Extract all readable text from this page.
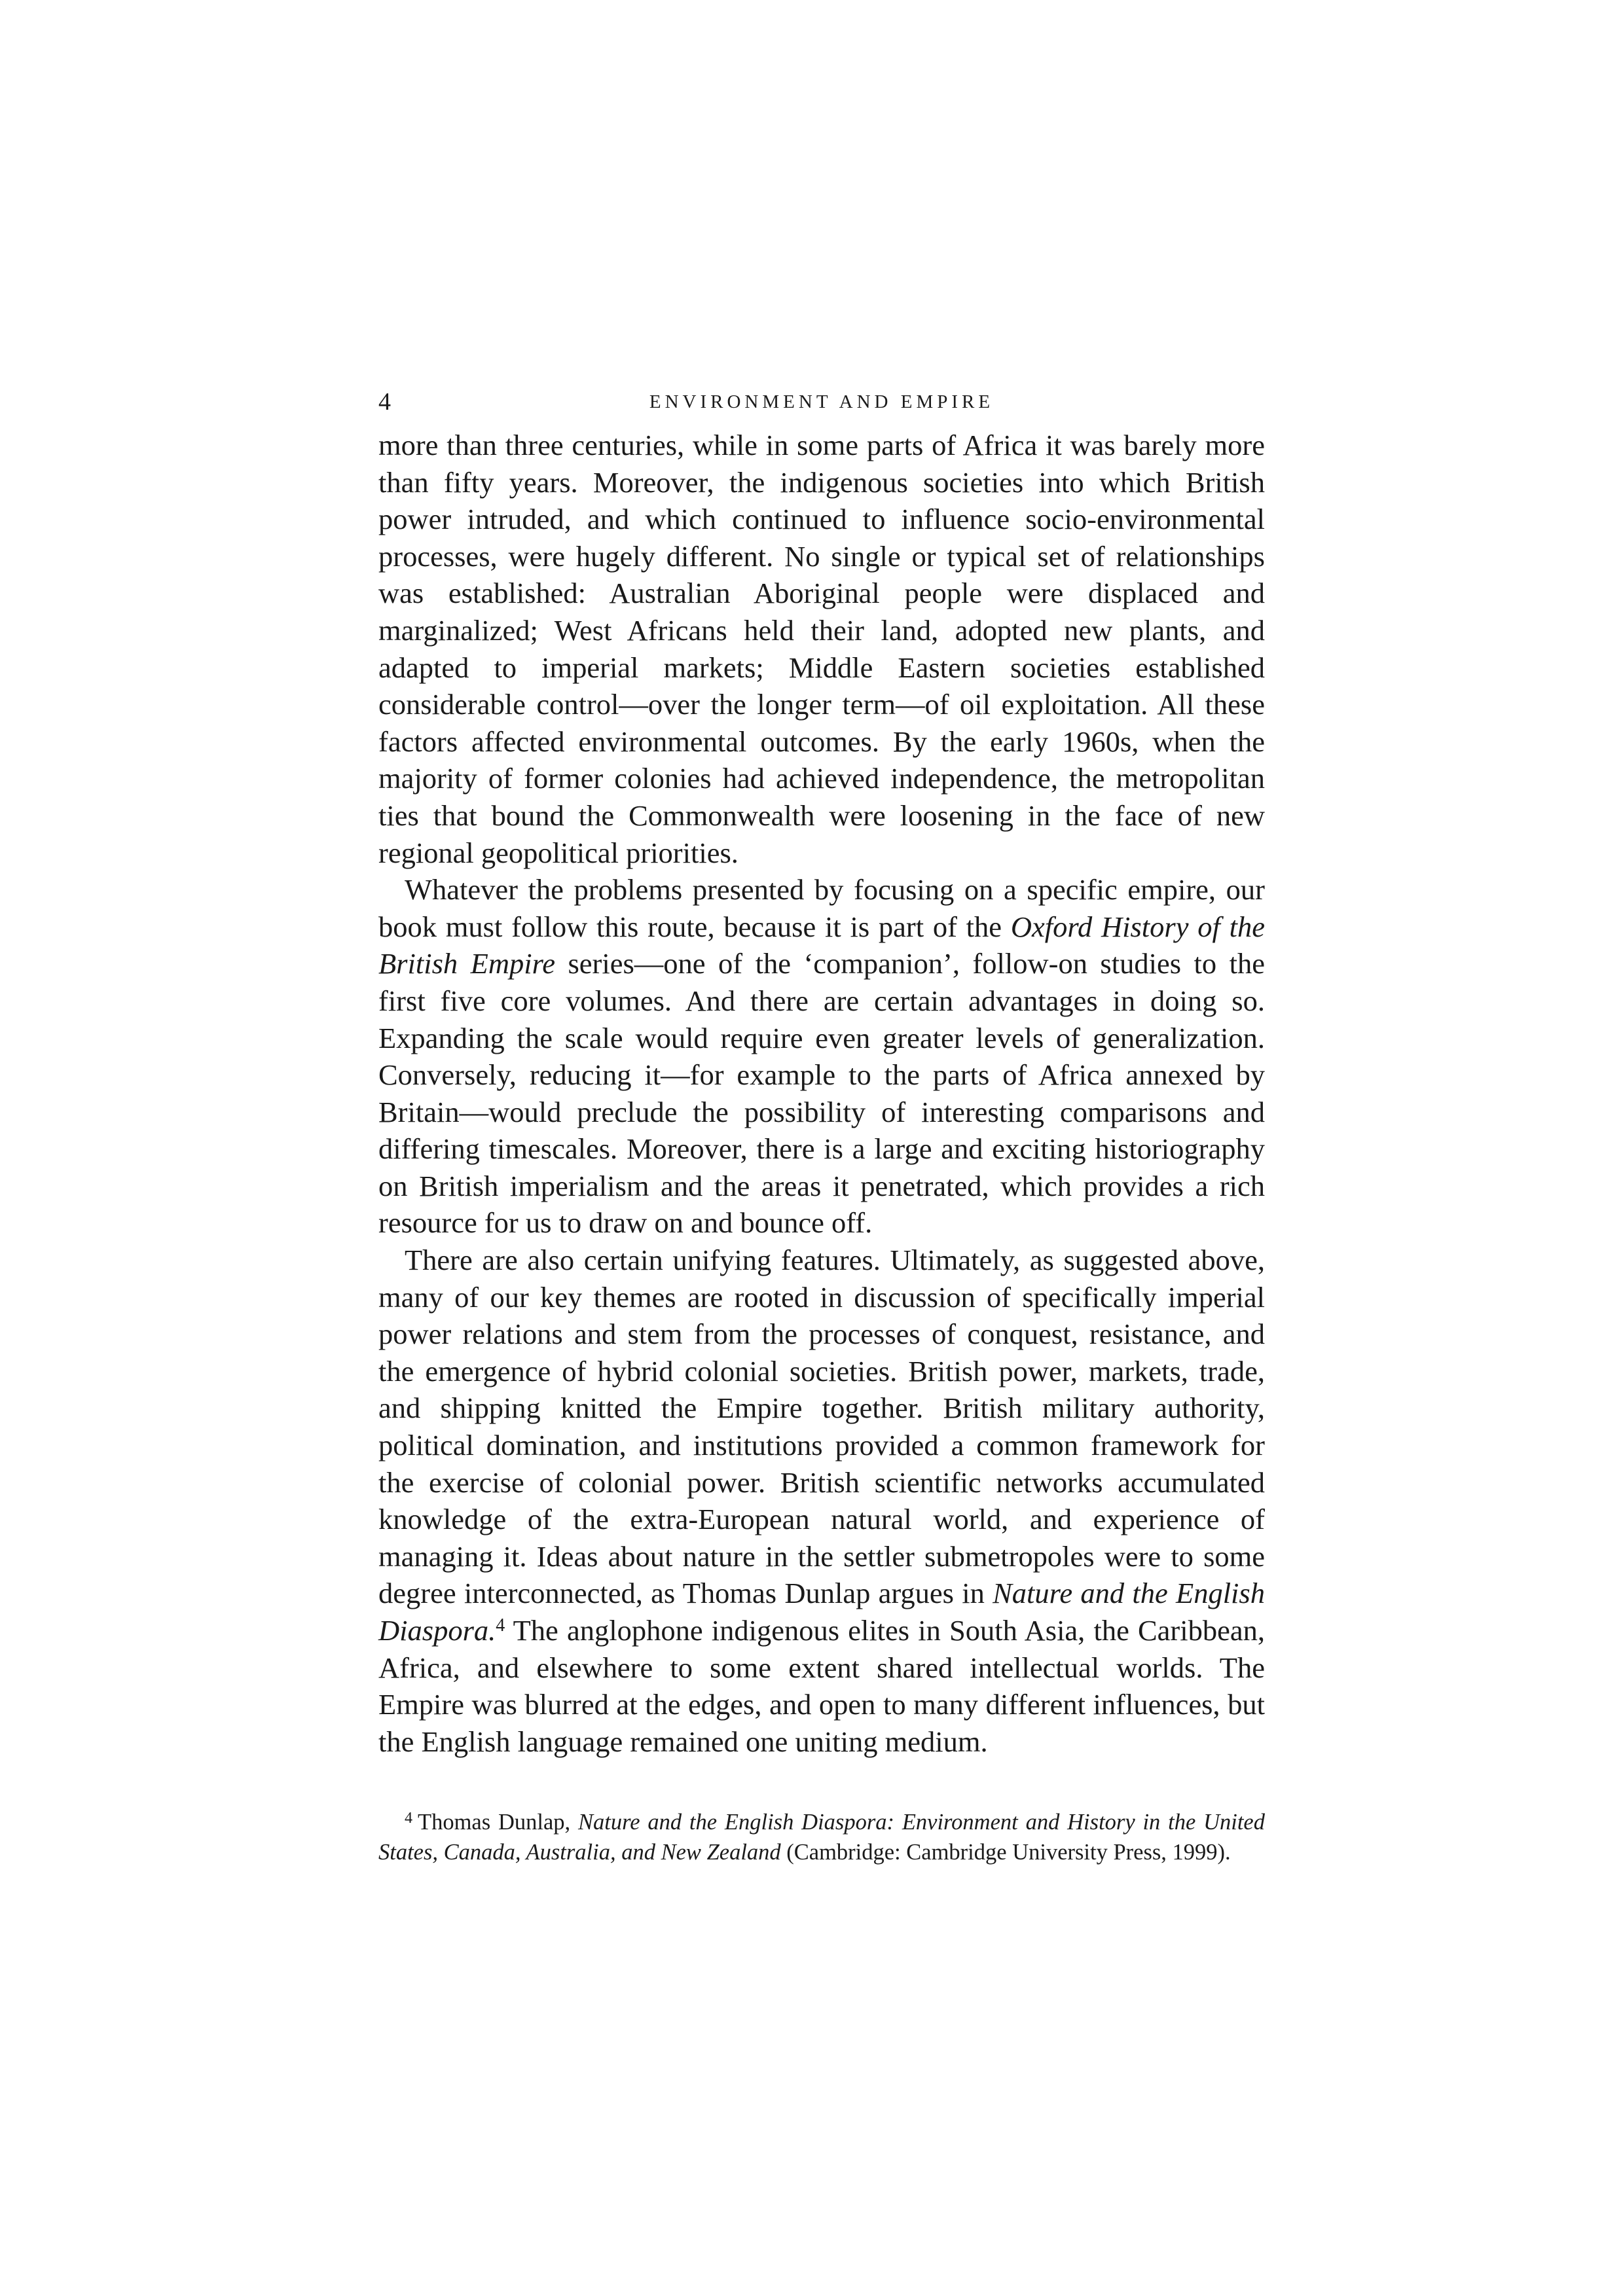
4	ENVIRONMENT AND EMPIRE

more than three centuries, while in some parts of Africa it was barely more than fifty years. Moreover, the indigenous societies into which British power intruded, and which continued to influence socio-environmental processes, were hugely different. No single or typical set of relationships was established: Australian Aboriginal people were displaced and marginalized; West Africans held their land, adopted new plants, and adapted to imperial markets; Middle Eastern societies established considerable control—over the longer term—of oil exploitation. All these factors affected environmental outcomes. By the early 1960s, when the majority of former colonies had achieved independence, the metropolitan ties that bound the Commonwealth were loosening in the face of new regional geopolitical priorities.

Whatever the problems presented by focusing on a specific empire, our book must follow this route, because it is part of the Oxford History of the British Empire series—one of the ‘companion’, follow-on studies to the first five core volumes. And there are certain advantages in doing so. Expanding the scale would require even greater levels of generalization. Conversely, reducing it—for example to the parts of Africa annexed by Britain—would preclude the possibility of interesting comparisons and differing timescales. Moreover, there is a large and exciting historiography on British imperialism and the areas it penetrated, which provides a rich resource for us to draw on and bounce off.

There are also certain unifying features. Ultimately, as suggested above, many of our key themes are rooted in discussion of specifically imperial power relations and stem from the processes of conquest, resistance, and the emergence of hybrid colonial societies. British power, markets, trade, and shipping knitted the Empire together. British military authority, political domination, and institutions provided a common framework for the exercise of colonial power. British scientific networks accumulated knowledge of the extra-European natural world, and experience of managing it. Ideas about nature in the settler submetropoles were to some degree interconnected, as Thomas Dunlap argues in Nature and the English Diaspora.$^4$ The anglophone indigenous elites in South Asia, the Caribbean, Africa, and elsewhere to some extent shared intellectual worlds. The Empire was blurred at the edges, and open to many different influences, but the English language remained one uniting medium.

$^4$ Thomas Dunlap, Nature and the English Diaspora: Environment and History in the United States, Canada, Australia, and New Zealand (Cambridge: Cambridge University Press, 1999).
